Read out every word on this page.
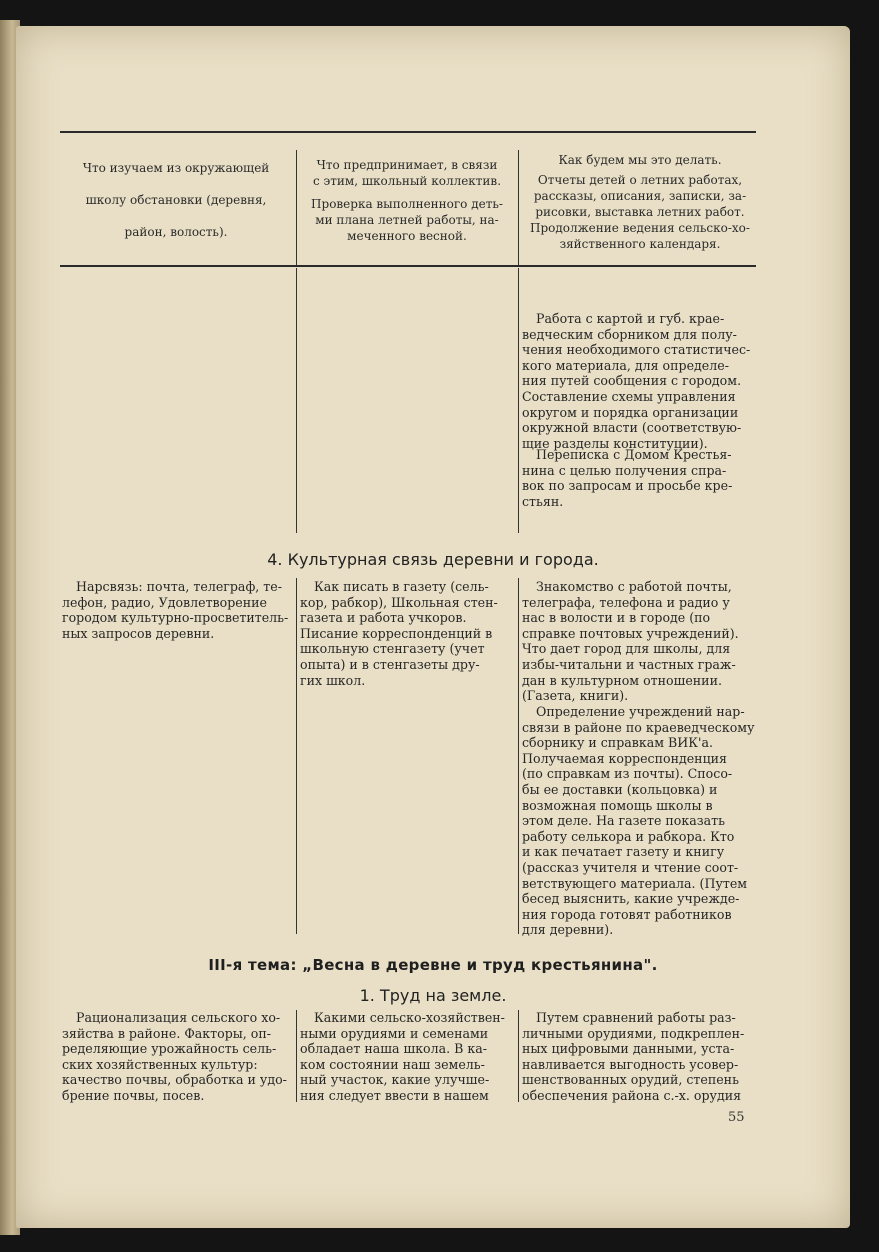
Что изучаем из окружающей

школу обстановки (деревня,

район, волость).
Что предпринимает, в связи
с этим, школьный коллектив.
Проверка выполненного деть-
ми плана летней работы, на-
меченного весной.
Как будем мы это делать.
Отчеты детей о летних работах,
рассказы, описания, записки, за-
рисовки, выставка летних работ.
Продолжение ведения сельско-хо-
зяйственного календаря.
Работа с картой и губ. крае-
ведческим сборником для полу-
чения необходимого статистичес-
кого материала, для определе-
ния путей сообщения с городом.
Составление схемы управления
округом и порядка организации
окружной власти (соответствую-
щие разделы конституции).
Переписка с Домом Крестья-
нина с целью получения спра-
вок по запросам и просьбе кре-
стьян.
4. Культурная связь деревни и города.
Нарсвязь: почта, телеграф, те-
лефон, радио, Удовлетворение
городом культурно-просветитель-
ных запросов деревни.
Как писать в газету (сель-
кор, рабкор), Школьная стен-
газета и работа учкоров.
Писание корреспонденций в
школьную стенгазету (учет
опыта) и в стенгазеты дру-
гих школ.
Знакомство с работой почты,
телеграфа, телефона и радио у
нас в волости и в городе (по
справке почтовых учреждений).
Что дает город для школы, для
избы-читальни и частных граж-
дан в культурном отношении.
(Газета, книги).
Определение учреждений нар-
связи в районе по краеведческому
сборнику и справкам ВИК'а.
Получаемая корреспонденция
(по справкам из почты). Спосо-
бы ее доставки (кольцовка) и
возможная помощь школы в
этом деле. На газете показать
работу селькора и рабкора. Кто
и как печатает газету и книгу
(рассказ учителя и чтение соот-
ветствующего материала. (Путем
бесед выяснить, какие учрежде-
ния города готовят работников
для деревни).
III-я тема: „Весна в деревне и труд крестьянина".
1. Труд на земле.
Рационализация сельского хо-
зяйства в районе. Факторы, оп-
ределяющие урожайность сель-
ских хозяйственных культур:
качество почвы, обработка и удо-
брение почвы, посев.
Какими сельско-хозяйствен-
ными орудиями и семенами
обладает наша школа. В ка-
ком состоянии наш земель-
ный участок, какие улучше-
ния следует ввести в нашем
Путем сравнений работы раз-
личными орудиями, подкреплен-
ных цифровыми данными, уста-
навливается выгодность усовер-
шенствованных орудий, степень
обеспечения района с.-х. орудия
55
